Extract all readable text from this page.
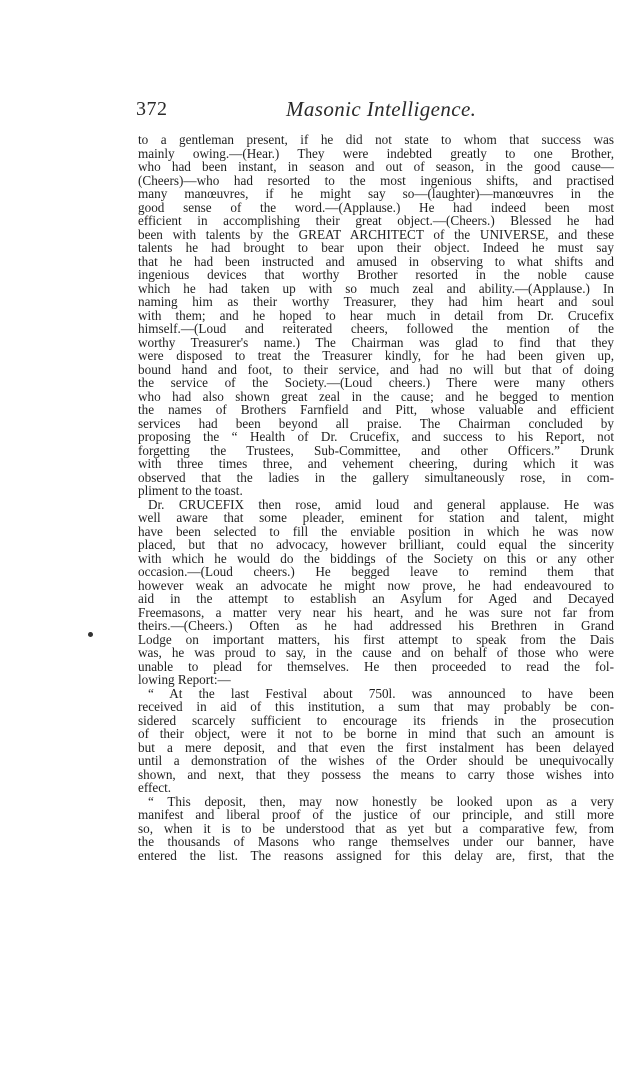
372	Masonic Intelligence.
to a gentleman present, if he did not state to whom that success was
mainly owing.—(Hear.) They were indebted greatly to one Brother,
who had been instant, in season and out of season, in the good cause—
(Cheers)—who had resorted to the most ingenious shifts, and practised
many manœuvres, if he might say so—(laughter)—manœuvres in the
good sense of the word.—(Applause.) He had indeed been most
efficient in accomplishing their great object.—(Cheers.) Blessed he had
been with talents by the GREAT ARCHITECT of the UNIVERSE, and these
talents he had brought to bear upon their object. Indeed he must say
that he had been instructed and amused in observing to what shifts and
ingenious devices that worthy Brother resorted in the noble cause
which he had taken up with so much zeal and ability.—(Applause.) In
naming him as their worthy Treasurer, they had him heart and soul
with them; and he hoped to hear much in detail from Dr. Crucefix
himself.—(Loud and reiterated cheers, followed the mention of the
worthy Treasurer's name.) The Chairman was glad to find that they
were disposed to treat the Treasurer kindly, for he had been given up,
bound hand and foot, to their service, and had no will but that of doing
the service of the Society.—(Loud cheers.) There were many others
who had also shown great zeal in the cause; and he begged to mention
the names of Brothers Farnfield and Pitt, whose valuable and efficient
services had been beyond all praise. The Chairman concluded by
proposing the “ Health of Dr. Crucefix, and success to his Report, not
forgetting the Trustees, Sub-Committee, and other Officers.” Drunk
with three times three, and vehement cheering, during which it was
observed that the ladies in the gallery simultaneously rose, in com-
pliment to the toast.
Dr. CRUCEFIX then rose, amid loud and general applause. He was
well aware that some pleader, eminent for station and talent, might
have been selected to fill the enviable position in which he was now
placed, but that no advocacy, however brilliant, could equal the sincerity
with which he would do the biddings of the Society on this or any other
occasion.—(Loud cheers.) He begged leave to remind them that
however weak an advocate he might now prove, he had endeavoured to
aid in the attempt to establish an Asylum for Aged and Decayed
Freemasons, a matter very near his heart, and he was sure not far from
theirs.—(Cheers.) Often as he had addressed his Brethren in Grand
Lodge on important matters, his first attempt to speak from the Dais
was, he was proud to say, in the cause and on behalf of those who were
unable to plead for themselves. He then proceeded to read the fol-
lowing Report:—
“ At the last Festival about 750l. was announced to have been
received in aid of this institution, a sum that may probably be con-
sidered scarcely sufficient to encourage its friends in the prosecution
of their object, were it not to be borne in mind that such an amount is
but a mere deposit, and that even the first instalment has been delayed
until a demonstration of the wishes of the Order should be unequivocally
shown, and next, that they possess the means to carry those wishes into
effect.
“ This deposit, then, may now honestly be looked upon as a very
manifest and liberal proof of the justice of our principle, and still more
so, when it is to be understood that as yet but a comparative few, from
the thousands of Masons who range themselves under our banner, have
entered the list. The reasons assigned for this delay are, first, that the
